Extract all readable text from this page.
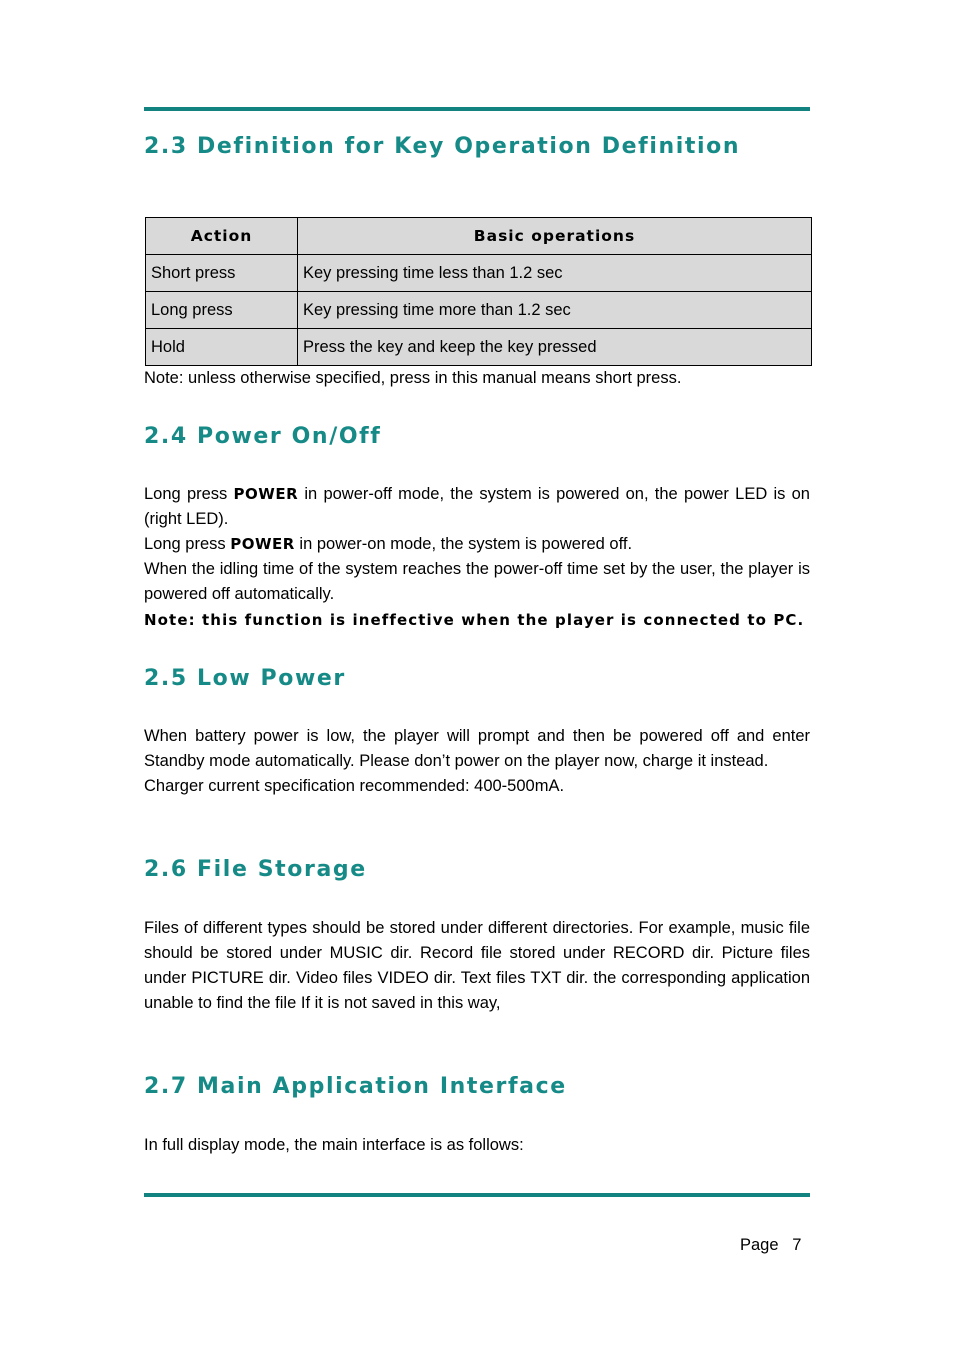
2.3 Definition for Key Operation Definition
Action	Basic operations
Short press	Key pressing time less than 1.2 sec
Long press	Key pressing time more than 1.2 sec
Hold	Press the key and keep the key pressed

Note: unless otherwise specified, press in this manual means short press.

2.4 Power On/Off

Long press POWER in power-off mode, the system is powered on, the power LED is on (right LED).

Long press POWER in power-on mode, the system is powered off.

When the idling time of the system reaches the power-off time set by the user, the player is powered off automatically.

Note: this function is ineffective when the player is connected to PC.

2.5 Low Power

When battery power is low, the player will prompt and then be powered off and enter Standby mode automatically. Please don’t power on the player now, charge it instead.

Charger current specification recommended: 400-500mA.

2.6 File Storage

Files of different types should be stored under different directories. For example, music file should be stored under MUSIC dir. Record file stored under RECORD dir. Picture files under PICTURE dir. Video files VIDEO dir. Text files TXT dir. the corresponding application unable to find the file If it is not saved in this way,

2.7 Main Application Interface

In full display mode, the main interface is as follows:

Page   7
